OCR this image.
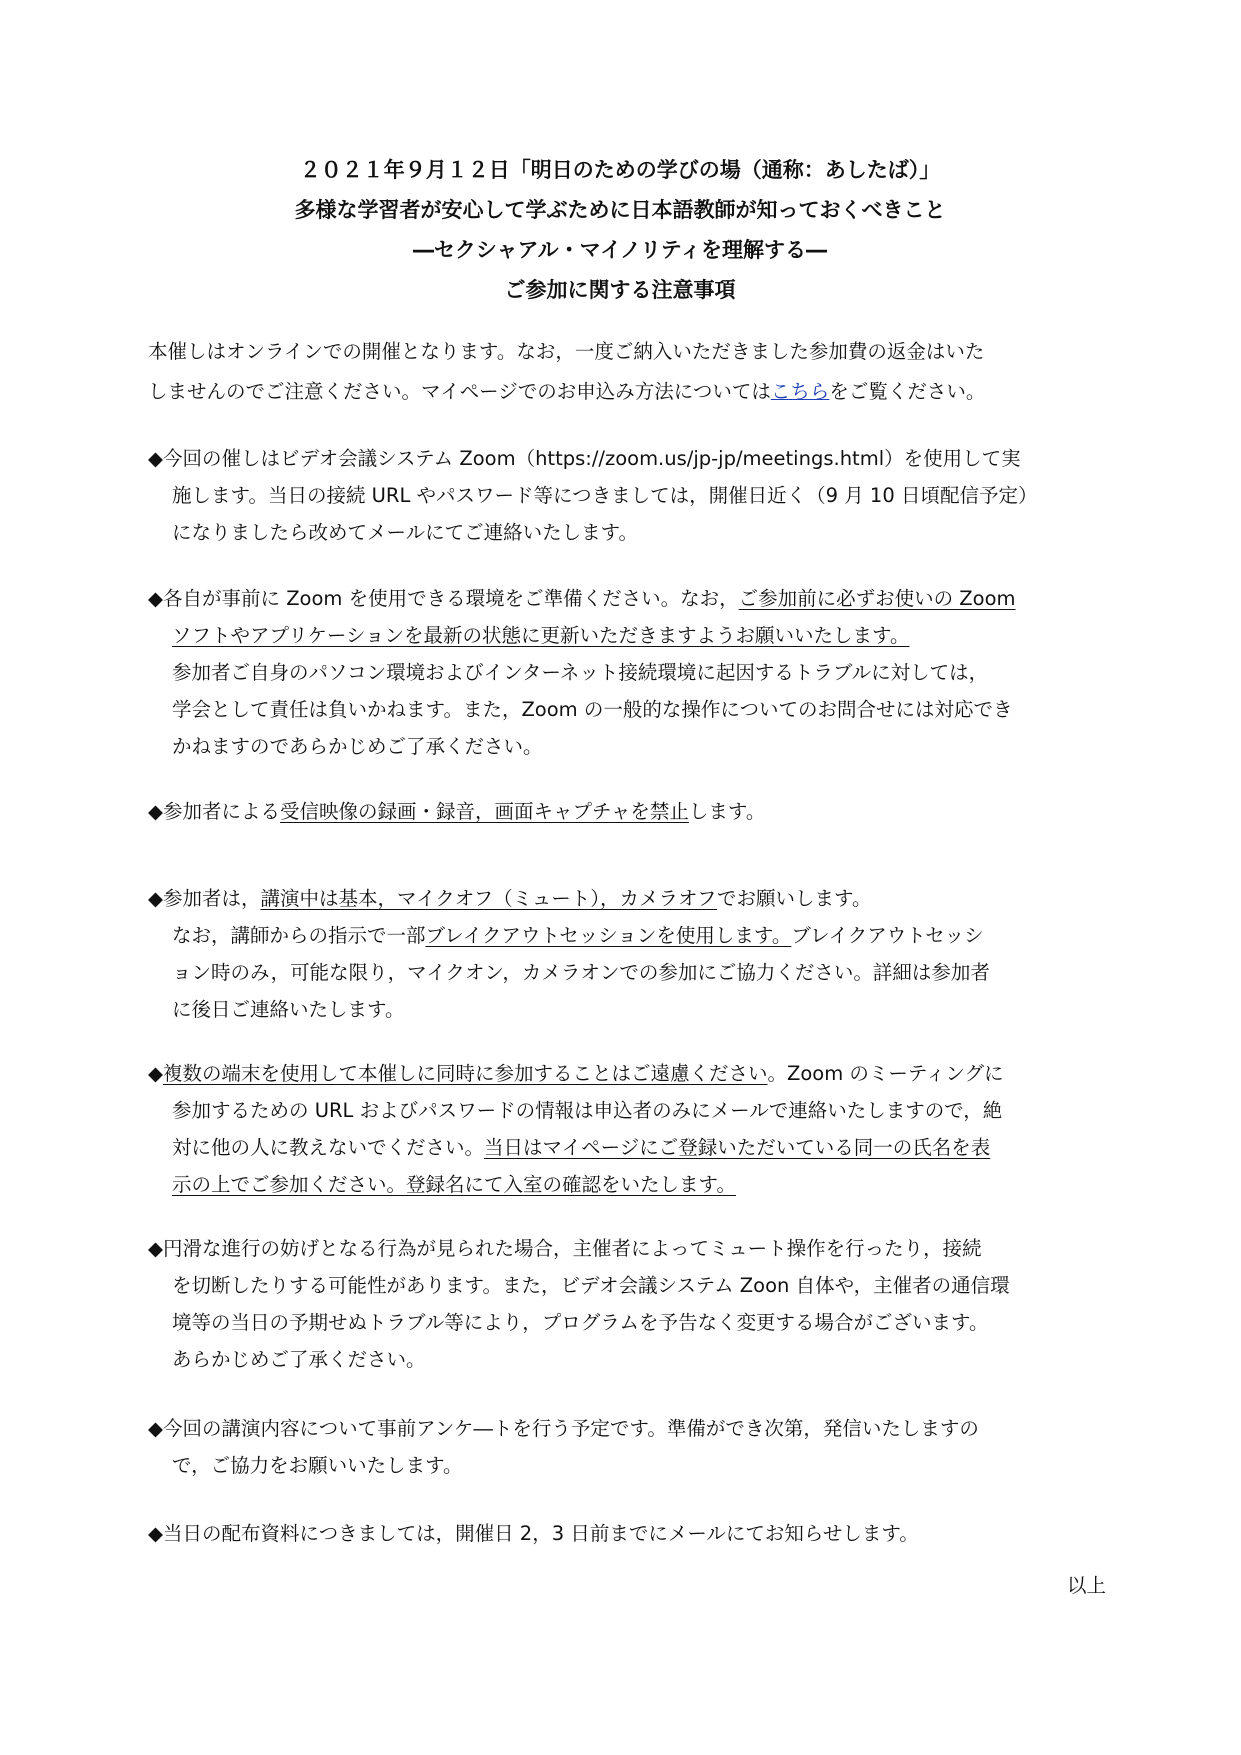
２０２１年９月１２日「明日のための学びの場（通称：あしたば）」
多様な学習者が安心して学ぶために日本語教師が知っておくべきこと
―セクシャアル・マイノリティを理解する―
ご参加に関する注意事項
本催しはオンラインでの開催となります。なお，一度ご納入いただきました参加費の返金はいた
しませんのでご注意ください。マイページでのお申込み方法についてはこちらをご覧ください。
◆今回の催しはビデオ会議システム Zoom（https://zoom.us/jp-jp/meetings.html）を使用して実
施します。当日の接続 URL やパスワード等につきましては，開催日近く（9 月 10 日頃配信予定）
になりましたら改めてメールにてご連絡いたします。
◆各自が事前に Zoom を使用できる環境をご準備ください。なお，ご参加前に必ずお使いの Zoom
ソフトやアプリケーションを最新の状態に更新いただきますようお願いいたします。
参加者ご自身のパソコン環境およびインターネット接続環境に起因するトラブルに対しては，
学会として責任は負いかねます。また，Zoom の一般的な操作についてのお問合せには対応でき
かねますのであらかじめご了承ください。
◆参加者による受信映像の録画・録音，画面キャプチャを禁止します。
◆参加者は，講演中は基本，マイクオフ（ミュート），カメラオフでお願いします。
なお，講師からの指示で一部ブレイクアウトセッションを使用します。ブレイクアウトセッシ
ョン時のみ，可能な限り，マイクオン，カメラオンでの参加にご協力ください。詳細は参加者
に後日ご連絡いたします。
◆複数の端末を使用して本催しに同時に参加することはご遠慮ください。Zoom のミーティングに
参加するための URL およびパスワードの情報は申込者のみにメールで連絡いたしますので，絶
対に他の人に教えないでください。当日はマイページにご登録いただいている同一の氏名を表
示の上でご参加ください。登録名にて入室の確認をいたします。
◆円滑な進行の妨げとなる行為が見られた場合，主催者によってミュート操作を行ったり，接続
を切断したりする可能性があります。また，ビデオ会議システム Zoon 自体や，主催者の通信環
境等の当日の予期せぬトラブル等により，プログラムを予告なく変更する場合がございます。
あらかじめご了承ください。
◆今回の講演内容について事前アンケ―トを行う予定です。準備ができ次第，発信いたしますの
で，ご協力をお願いいたします。
◆当日の配布資料につきましては，開催日 2，3 日前までにメールにてお知らせします。
以上
